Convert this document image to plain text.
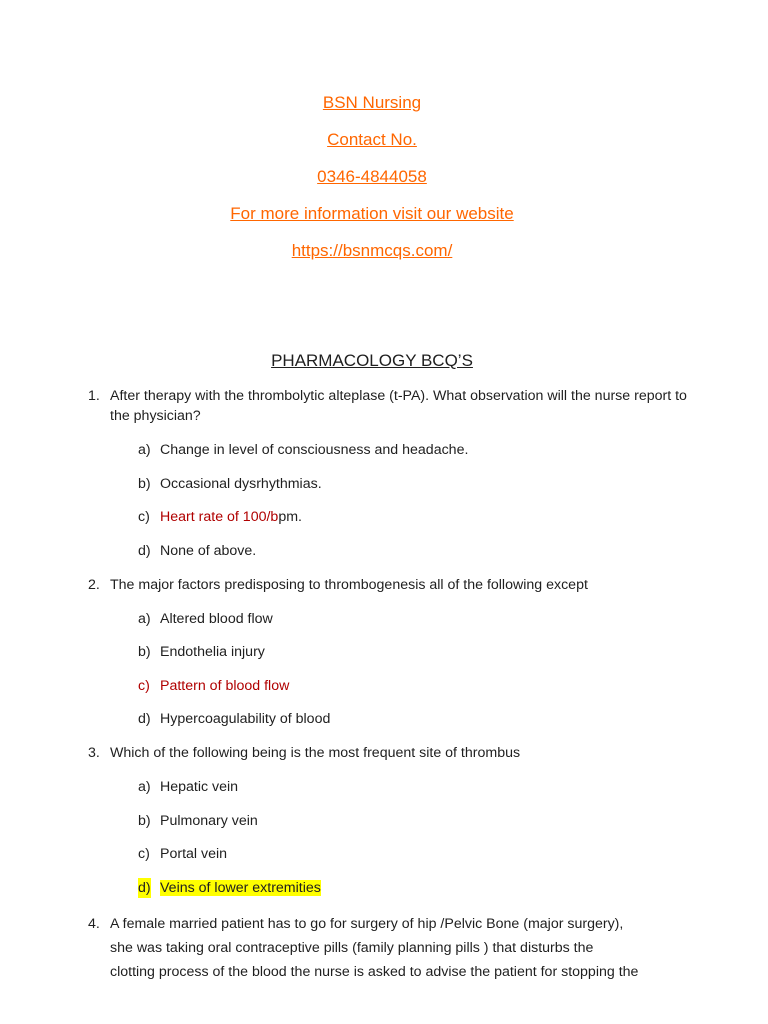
BSN Nursing
Contact No.
0346-4844058
For more information visit our website
https://bsnmcqs.com/
PHARMACOLOGY BCQ’S
1. After therapy with the thrombolytic alteplase (t-PA). What observation will the nurse report to the physician?
a) Change in level of consciousness and headache.
b) Occasional dysrhythmias.
c) Heart rate of 100/bpm.
d) None of above.
2. The major factors predisposing to thrombogenesis all of the following except
a) Altered blood flow
b) Endothelia injury
c) Pattern of blood flow
d) Hypercoagulability of blood
3. Which of the following being is the most frequent site of thrombus
a) Hepatic vein
b) Pulmonary vein
c) Portal vein
d) Veins of lower extremities
4. A female married patient has to go for surgery of hip /Pelvic Bone (major surgery),
she was taking oral contraceptive pills (family planning pills ) that disturbs the
clotting process of the blood the nurse is asked to advise the patient for stopping the
